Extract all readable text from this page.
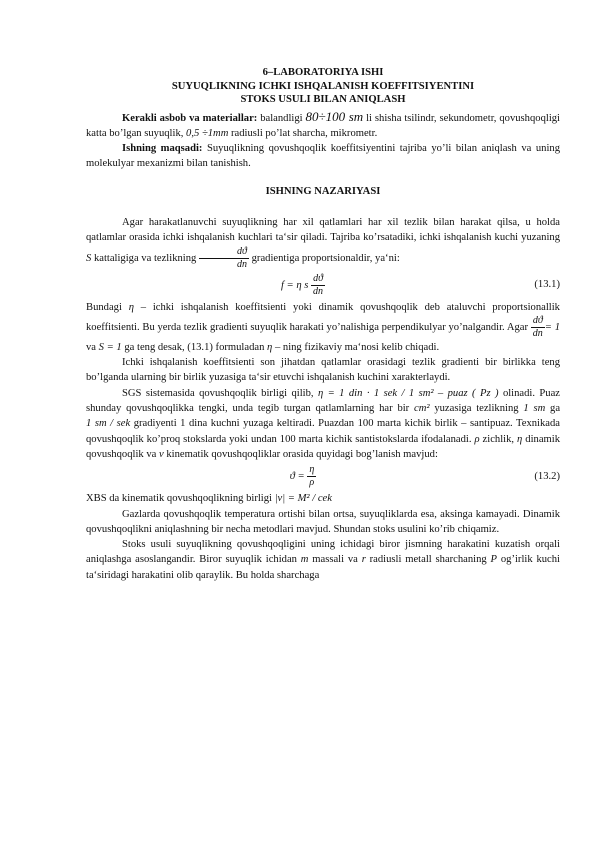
6–LABORATORIYA ISHI
SUYUQLIKNING ICHKI ISHQALANISH KOEFFITSIYENTINI
STOKS USULI BILAN ANIQLASH

Kerakli asbob va materiallar: balandligi 80÷100 sm li shisha tsilindr, sekundometr, qovushqoqligi katta bo’lgan suyuqlik, 0,5 ÷1mm radiusli po’lat sharcha, mikrometr.

Ishning maqsadi: Suyuqlikning qovushqoqlik koeffitsiyentini tajriba yo’li bilan aniqlash va uning molekulyar mexanizmi bilan tanishish.

ISHNING NAZARIYASI

Agar harakatlanuvchi suyuqlikning har xil qatlamlari har xil tezlik bilan harakat qilsa, u holda qatlamlar orasida ichki ishqalanish kuchlari ta‘sir qiladi. Tajriba ko’rsatadiki, ichki ishqalanish kuchi yuzaning S kattaligiga va tezlikning $\frac{dϑ}{dn}$ gradientiga proportsionaldir, ya‘ni:

f = η s $\frac{dϑ}{dn}$	(13.1)

Bundagi η – ichki ishqalanish koeffitsienti yoki dinamik qovushqoqlik deb ataluvchi proportsionallik koeffitsienti. Bu yerda tezlik gradienti suyuqlik harakati yo’nalishiga perpendikulyar yo’nalgandir. Agar $\frac{dϑ}{dn} = 1$ va S = 1 ga teng desak, (13.1) formuladan η – ning fizikaviy ma‘nosi kelib chiqadi.

Ichki ishqalanish koeffitsienti son jihatdan qatlamlar orasidagi tezlik gradienti bir birlikka teng bo’lganda ularning bir birlik yuzasiga ta‘sir etuvchi ishqalanish kuchini xarakterlaydi.

SGS sistemasida qovushqoqlik birligi qilib, η = 1 din · 1 sek / 1 sm² – puaz ( Pz ) olinadi. Puaz shunday qovushqoqlikka tengki, unda tegib turgan qatlamlarning har bir cm² yuzasiga tezlikning 1 sm ga 1 sm / sek gradiyenti 1 dina kuchni yuzaga keltiradi. Puazdan 100 marta kichik birlik – santipuaz. Texnikada qovushqoqlik ko’proq stokslarda yoki undan 100 marta kichik santistokslarda ifodalanadi. ρ zichlik, η dinamik qovushqoqlik va ν kinematik qovushqoqliklar orasida quyidagi bog’lanish mavjud:

$ϑ = \frac{\eta}{\rho}$	(13.2)

XBS da kinematik qovushqoqlikning birligi |ν| = M² / cek

Gazlarda qovushqoqlik temperatura ortishi bilan ortsa, suyuqliklarda esa, aksinga kamayadi. Dinamik qovushqoqlikni aniqlashning bir necha metodlari mavjud. Shundan stoks usulini ko’rib chiqamiz.

Stoks usuli suyuqlikning qovushqoqligini uning ichidagi biror jismning harakatini kuzatish orqali aniqlashga asoslangandir. Biror suyuqlik ichidan m massali va r radiusli metall sharchaning P og’irlik kuchi ta‘siridagi harakatini olib qaraylik. Bu holda sharchaga
